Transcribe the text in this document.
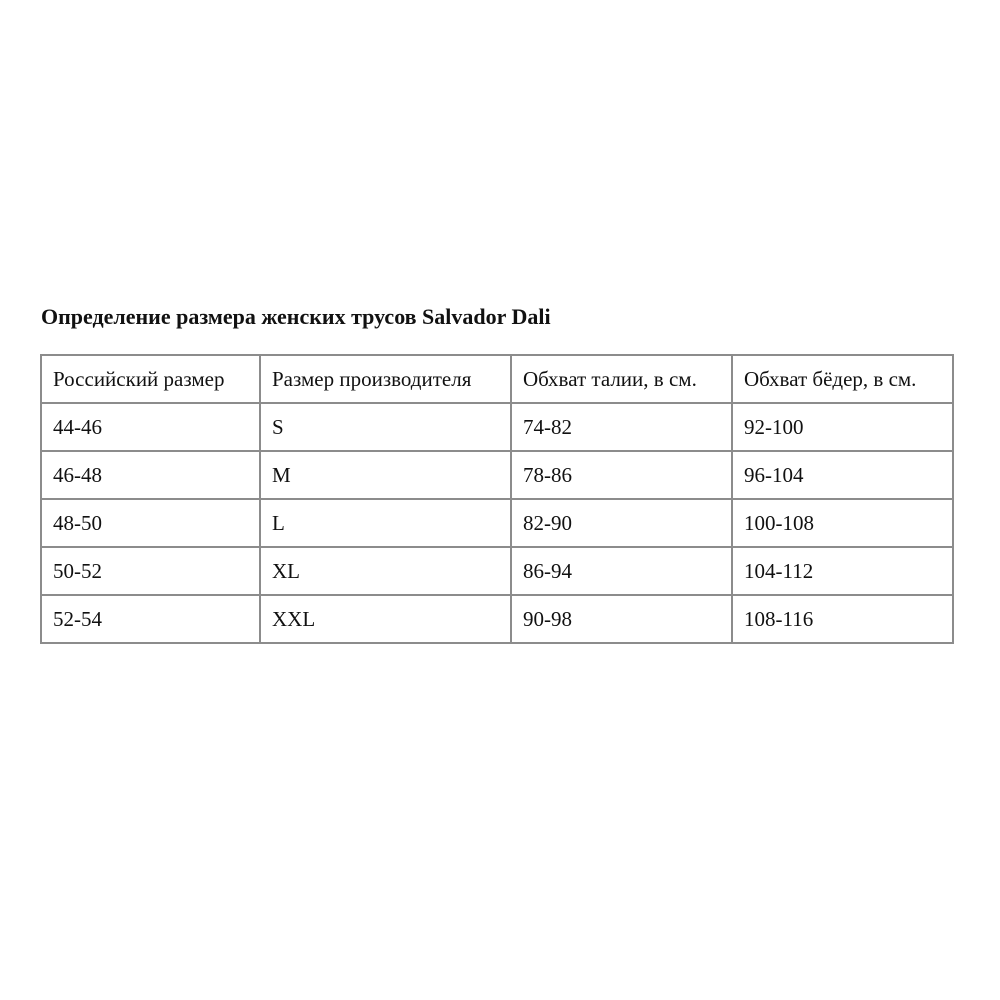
Определение размера женских трусов Salvador Dali
Российский размер	Размер производителя	Обхват талии, в см.	Обхват бёдер, в см.
44-46	S	74-82	92-100
46-48	M	78-86	96-104
48-50	L	82-90	100-108
50-52	XL	86-94	104-112
52-54	XXL	90-98	108-116
